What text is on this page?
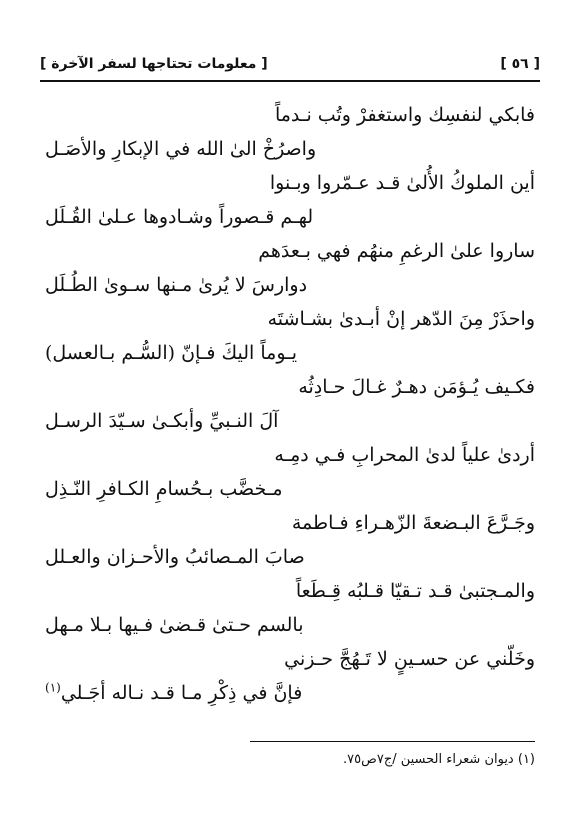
[ ٥٦ ]
[ معلومات تحتاجها لسفر الآخرة ]
فابكي لنفسِك واستغفرْ وتُب نـدماً
واصرُخْ الىٰ الله في الإبكارِ والأصَـل
أين الملوكُ الأُلىٰ قـد عـمّروا وبـنوا
لهـم قـصوراً وشـادوها عـلىٰ القُـلَل
ساروا علىٰ الرغمِ منهُم فهي بـعدَهم
دوارسَ لا يُرىٰ مـنها سـوىٰ الطُـلَل
واحذَرْ مِنَ الدّهر إنْ أبـدىٰ بشـاشتَه
يـوماً اليكَ فـإنّ (السُّـم بـالعسل)
فكـيف يُـؤمَن دهـرٌ غـالَ حـادِثُه
آلَ النـبيِّ وأبكـىٰ سـيّدَ الرسـل
أردىٰ علياً لدىٰ المحرابِ فـي دمِـه
مـخضَّب بـحُسامِ الكـافرِ النّـذِل
وجَـرَّعَ البـضعةَ الزّهـراءِ فـاطمة
صابَ المـصائبُ والأحـزان والعـلل
والمـجتبىٰ قـد تـقيّا قـلبُه قِـطَعاً
بالسم حـتىٰ قـضىٰ فـيها بـلا مـهل
وخَلّني عن حسـينٍ لا تَـهُجَّ حـزني
فإنَّ في ذِكْرِ مـا قـد نـاله أجَـلي$^{(١)}$
(١) ديوان شعراء الحسين /ج٧ص٧٥.
